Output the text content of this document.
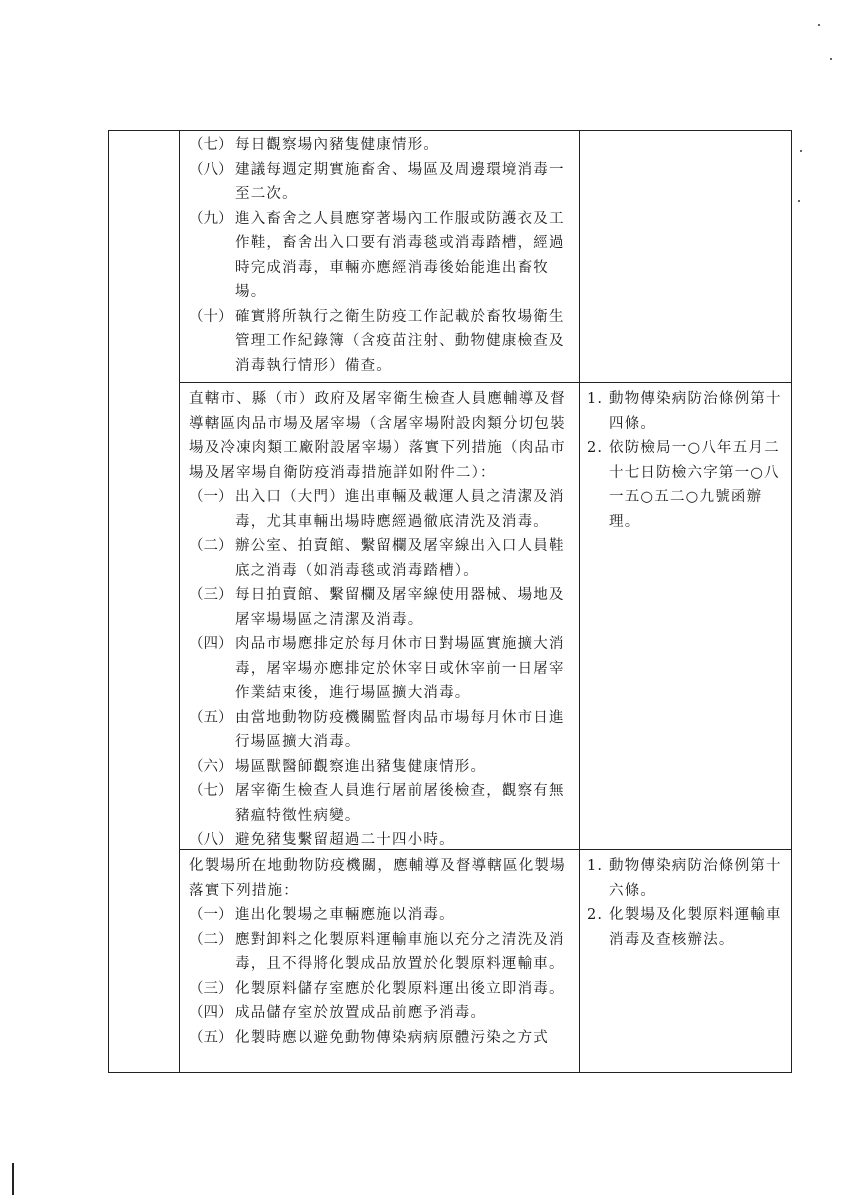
（七） 每日觀察場內豬隻健康情形。
（八） 建議每週定期實施畜舍、場區及周邊環境消毒一至二次。
（九） 進入畜舍之人員應穿著場內工作服或防護衣及工作鞋，畜舍出入口要有消毒毯或消毒踏槽，經過時完成消毒，車輛亦應經消毒後始能進出畜牧場。
（十） 確實將所執行之衛生防疫工作記載於畜牧場衛生管理工作紀錄簿（含疫苗注射、動物健康檢查及消毒執行情形）備查。
直轄市、縣（市）政府及屠宰衛生檢查人員應輔導及督導轄區肉品市場及屠宰場（含屠宰場附設肉類分切包裝場及冷凍肉類工廠附設屠宰場）落實下列措施（肉品市場及屠宰場自衛防疫消毒措施詳如附件二）：
（一） 出入口（大門）進出車輛及載運人員之清潔及消毒，尤其車輛出場時應經過徹底清洗及消毒。
（二） 辦公室、拍賣館、繫留欄及屠宰線出入口人員鞋底之消毒（如消毒毯或消毒踏槽）。
（三） 每日拍賣館、繫留欄及屠宰線使用器械、場地及屠宰場場區之清潔及消毒。
（四） 肉品市場應排定於每月休市日對場區實施擴大消毒，屠宰場亦應排定於休宰日或休宰前一日屠宰作業結束後，進行場區擴大消毒。
（五） 由當地動物防疫機關監督肉品市場每月休市日進行場區擴大消毒。
（六） 場區獸醫師觀察進出豬隻健康情形。
（七） 屠宰衛生檢查人員進行屠前屠後檢查，觀察有無豬瘟特徵性病變。
（八） 避免豬隻繫留超過二十四小時。
1. 動物傳染病防治條例第十四條。
2. 依防檢局一○八年五月二十七日防檢六字第一○八一五○五二○九號函辦理。
化製場所在地動物防疫機關，應輔導及督導轄區化製場落實下列措施：
（一） 進出化製場之車輛應施以消毒。
（二） 應對卸料之化製原料運輸車施以充分之清洗及消毒，且不得將化製成品放置於化製原料運輸車。
（三） 化製原料儲存室應於化製原料運出後立即消毒。
（四） 成品儲存室於放置成品前應予消毒。
（五） 化製時應以避免動物傳染病病原體污染之方式
1. 動物傳染病防治條例第十六條。
2. 化製場及化製原料運輸車消毒及查核辦法。
